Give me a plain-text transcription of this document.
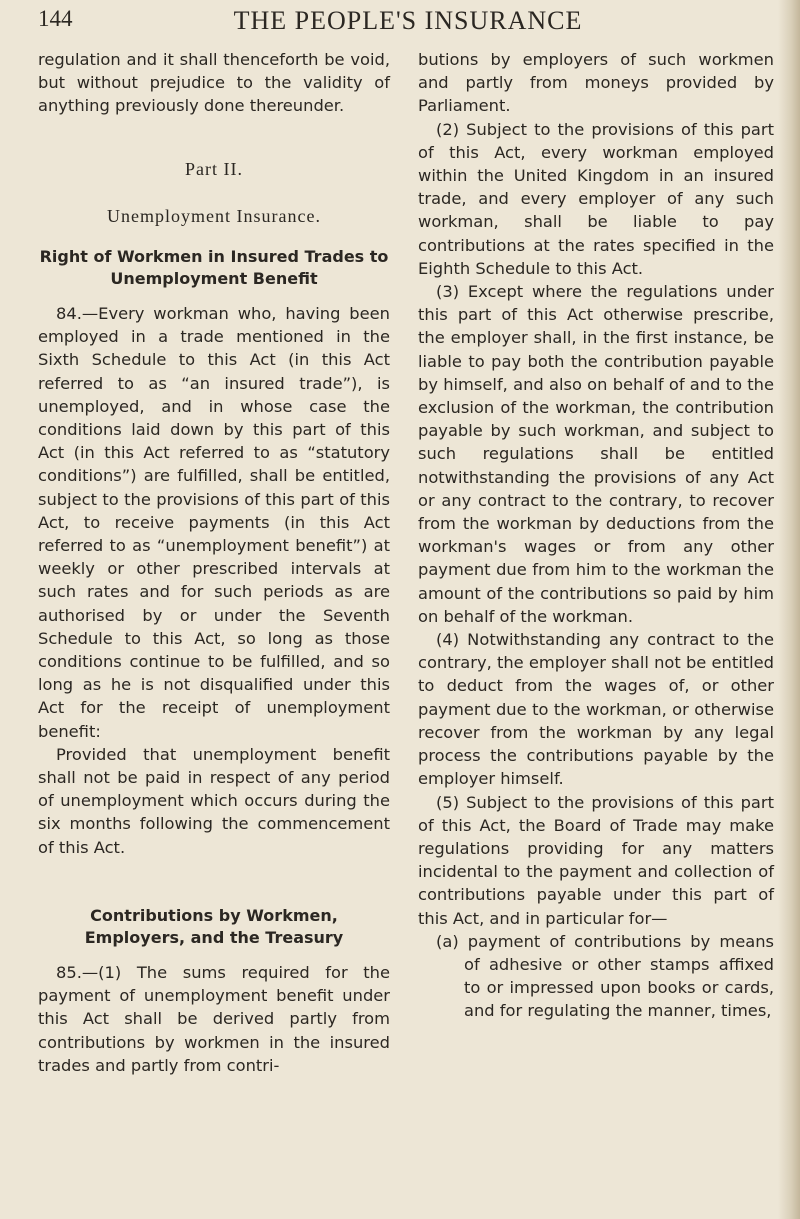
144	THE PEOPLE'S INSURANCE

regulation and it shall thenceforth be void, but without prejudice to the validity of anything previously done thereunder.

Part II.

Unemployment Insurance.

Right of Workmen in Insured Trades to Unemployment Benefit

84.—Every workman who, having been employed in a trade mentioned in the Sixth Schedule to this Act (in this Act referred to as “an insured trade”), is unemployed, and in whose case the conditions laid down by this part of this Act (in this Act referred to as “statutory conditions”) are fulfilled, shall be entitled, subject to the provisions of this part of this Act, to receive payments (in this Act referred to as “unemployment benefit”) at weekly or other prescribed intervals at such rates and for such periods as are authorised by or under the Seventh Schedule to this Act, so long as those conditions continue to be fulfilled, and so long as he is not disqualified under this Act for the receipt of unemployment benefit:

Provided that unemployment benefit shall not be paid in respect of any period of unemployment which occurs during the six months following the commencement of this Act.

Contributions by Workmen, Employers, and the Treasury

85.—(1) The sums required for the payment of unemployment benefit under this Act shall be derived partly from contributions by workmen in the insured trades and partly from contri-

butions by employers of such workmen and partly from moneys provided by Parliament.

(2) Subject to the provisions of this part of this Act, every workman employed within the United Kingdom in an insured trade, and every employer of any such workman, shall be liable to pay contributions at the rates specified in the Eighth Schedule to this Act.

(3) Except where the regulations under this part of this Act otherwise prescribe, the employer shall, in the first instance, be liable to pay both the contribution payable by himself, and also on behalf of and to the exclusion of the workman, the contribution payable by such workman, and subject to such regulations shall be entitled notwithstanding the provisions of any Act or any contract to the contrary, to recover from the workman by deductions from the workman's wages or from any other payment due from him to the workman the amount of the contributions so paid by him on behalf of the workman.

(4) Notwithstanding any contract to the contrary, the employer shall not be entitled to deduct from the wages of, or other payment due to the workman, or otherwise recover from the workman by any legal process the contributions payable by the employer himself.

(5) Subject to the provisions of this part of this Act, the Board of Trade may make regulations providing for any matters incidental to the payment and collection of contributions payable under this part of this Act, and in particular for—

(a) payment of contributions by means of adhesive or other stamps affixed to or impressed upon books or cards, and for regulating the manner, times,
